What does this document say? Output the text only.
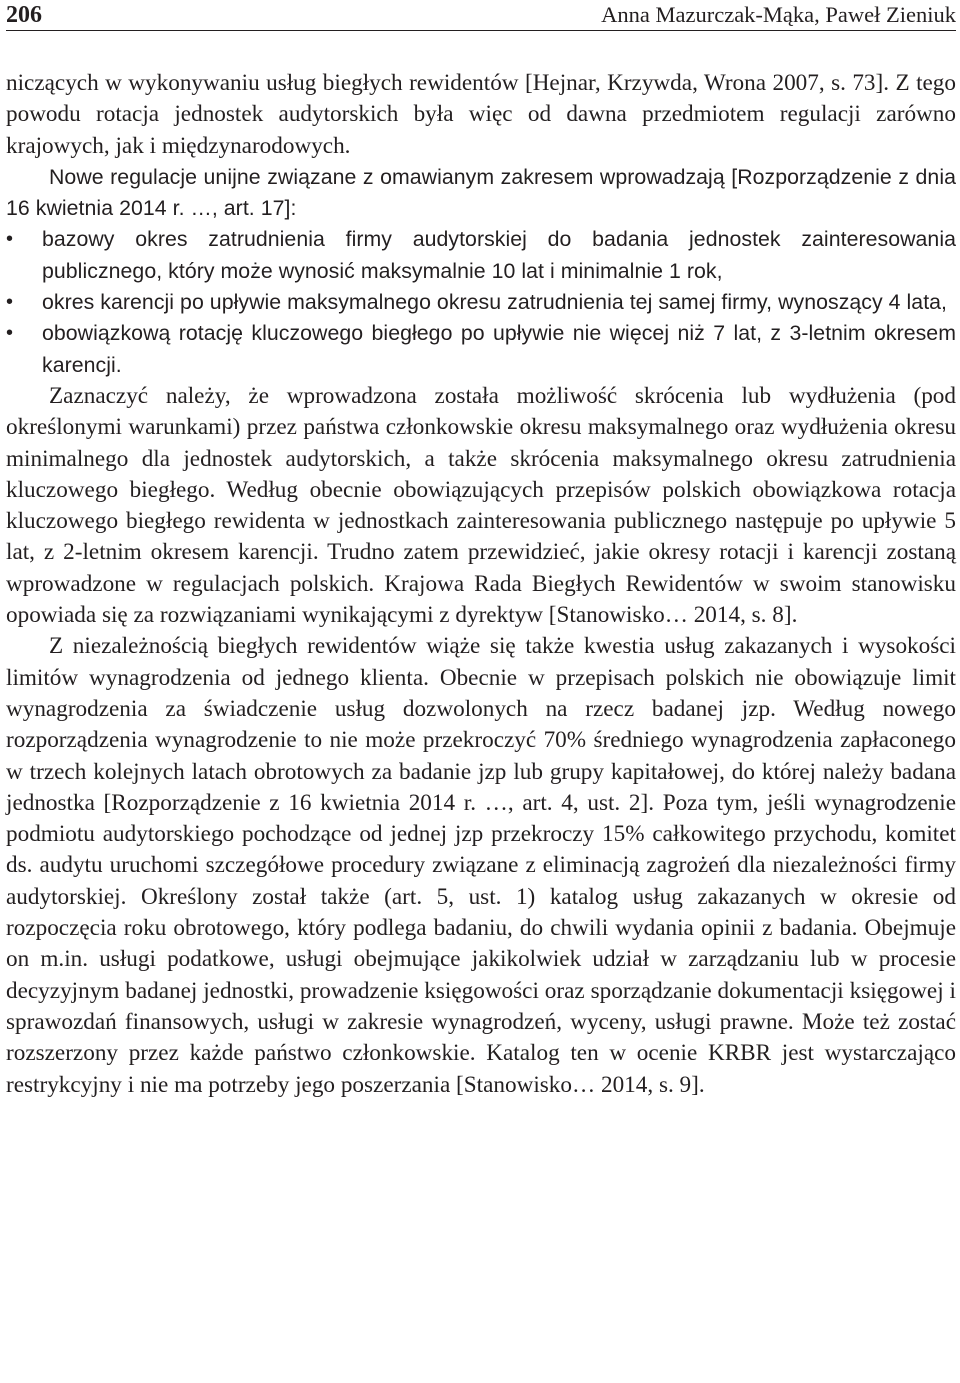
206	Anna Mazurczak-Mąka, Paweł Zieniuk

niczących w wykonywaniu usług biegłych rewidentów [Hejnar, Krzywda, Wrona 2007, s. 73]. Z tego powodu rotacja jednostek audytorskich była więc od dawna przedmiotem regulacji zarówno krajowych, jak i międzynarodowych.

Nowe regulacje unijne związane z omawianym zakresem wprowadzają [Rozporządzenie z dnia 16 kwietnia 2014 r. …, art. 17]:

• bazowy okres zatrudnienia firmy audytorskiej do badania jednostek zainteresowania publicznego, który może wynosić maksymalnie 10 lat i minimalnie 1 rok,
• okres karencji po upływie maksymalnego okresu zatrudnienia tej samej firmy, wynoszący 4 lata,
• obowiązkową rotację kluczowego biegłego po upływie nie więcej niż 7 lat, z 3-letnim okresem karencji.

Zaznaczyć należy, że wprowadzona została możliwość skrócenia lub wydłużenia (pod określonymi warunkami) przez państwa członkowskie okresu maksymalnego oraz wydłużenia okresu minimalnego dla jednostek audytorskich, a także skrócenia maksymalnego okresu zatrudnienia kluczowego biegłego. Według obecnie obowiązujących przepisów polskich obowiązkowa rotacja kluczowego biegłego rewidenta w jednostkach zainteresowania publicznego następuje po upływie 5 lat, z 2-letnim okresem karencji. Trudno zatem przewidzieć, jakie okresy rotacji i karencji zostaną wprowadzone w regulacjach polskich. Krajowa Rada Biegłych Rewidentów w swoim stanowisku opowiada się za rozwiązaniami wynikającymi z dyrektyw [Stanowisko… 2014, s. 8].

Z niezależnością biegłych rewidentów wiąże się także kwestia usług zakazanych i wysokości limitów wynagrodzenia od jednego klienta. Obecnie w przepisach polskich nie obowiązuje limit wynagrodzenia za świadczenie usług dozwolonych na rzecz badanej jzp. Według nowego rozporządzenia wynagrodzenie to nie może przekroczyć 70% średniego wynagrodzenia zapłaconego w trzech kolejnych latach obrotowych za badanie jzp lub grupy kapitałowej, do której należy badana jednostka [Rozporządzenie z 16 kwietnia 2014 r. …, art. 4, ust. 2]. Poza tym, jeśli wynagrodzenie podmiotu audytorskiego pochodzące od jednej jzp przekroczy 15% całkowitego przychodu, komitet ds. audytu uruchomi szczegółowe procedury związane z eliminacją zagrożeń dla niezależności firmy audytorskiej. Określony został także (art. 5, ust. 1) katalog usług zakazanych w okresie od rozpoczęcia roku obrotowego, który podlega badaniu, do chwili wydania opinii z badania. Obejmuje on m.in. usługi podatkowe, usługi obejmujące jakikolwiek udział w zarządzaniu lub w procesie decyzyjnym badanej jednostki, prowadzenie księgowości oraz sporządzanie dokumentacji księgowej i sprawozdań finansowych, usługi w zakresie wynagrodzeń, wyceny, usługi prawne. Może też zostać rozszerzony przez każde państwo członkowskie. Katalog ten w ocenie KRBR jest wystarczająco restrykcyjny i nie ma potrzeby jego poszerzania [Stanowisko… 2014, s. 9].
